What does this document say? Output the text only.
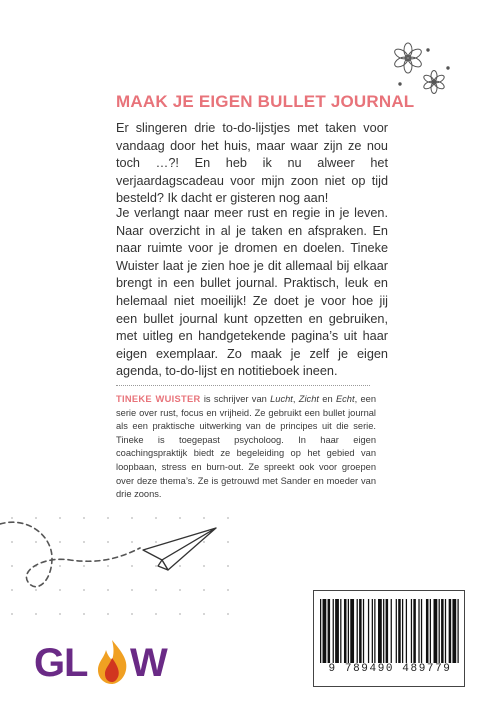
MAAK JE EIGEN BULLET JOURNAL

Er slingeren drie to-do-lijstjes met taken voor vandaag door het huis, maar waar zijn ze nou toch …?! En heb ik nu alweer het verjaardagscadeau voor mijn zoon niet op tijd besteld? Ik dacht er gisteren nog aan!

Je verlangt naar meer rust en regie in je leven. Naar overzicht in al je taken en afspraken. En naar ruimte voor je dromen en doelen. Tineke Wuister laat je zien hoe je dit allemaal bij elkaar brengt in een bullet journal. Praktisch, leuk en helemaal niet moeilijk! Ze doet je voor hoe jij een bullet journal kunt opzetten en gebruiken, met uitleg en handgetekende pagina’s uit haar eigen exemplaar. Zo maak je zelf je eigen agenda, to-do-lijst en notitieboek ineen.

TINEKE WUISTER is schrijver van Lucht, Zicht en Echt, een serie over rust, focus en vrijheid. Ze gebruikt een bullet journal als een praktische uitwerking van de principes uit die serie. Tineke is toegepast psycholoog. In haar eigen coachingspraktijk biedt ze begeleiding op het gebied van loopbaan, stress en burn-out. Ze spreekt ook voor groepen over deze thema’s. Ze is getrouwd met Sander en moeder van drie zoons.

G
L W	9 789490 489779
